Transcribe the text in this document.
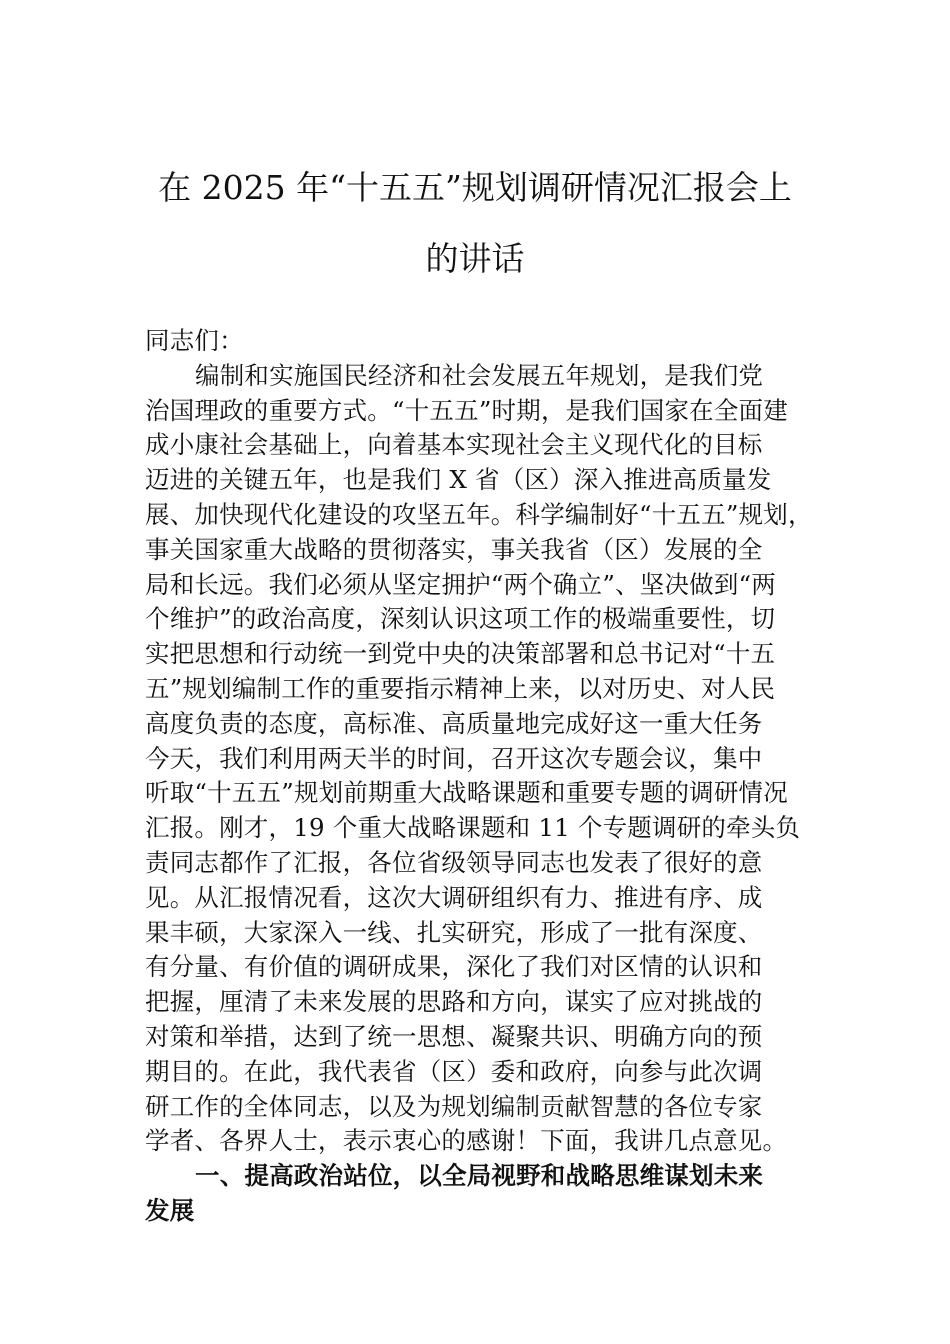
在 2025 年“十五五”规划调研情况汇报会上
的讲话
同志们：
编制和实施国民经济和社会发展五年规划，是我们党
治国理政的重要方式。“十五五”时期，是我们国家在全面建
成小康社会基础上，向着基本实现社会主义现代化的目标
迈进的关键五年，也是我们 X 省（区）深入推进高质量发
展、加快现代化建设的攻坚五年。科学编制好“十五五”规划，
事关国家重大战略的贯彻落实，事关我省（区）发展的全
局和长远。我们必须从坚定拥护“两个确立”、坚决做到“两
个维护”的政治高度，深刻认识这项工作的极端重要性，切
实把思想和行动统一到党中央的决策部署和总书记对“十五
五”规划编制工作的重要指示精神上来，以对历史、对人民
高度负责的态度，高标准、高质量地完成好这一重大任务
今天，我们利用两天半的时间，召开这次专题会议，集中
听取“十五五”规划前期重大战略课题和重要专题的调研情况
汇报。刚才，19 个重大战略课题和 11 个专题调研的牵头负
责同志都作了汇报，各位省级领导同志也发表了很好的意
见。从汇报情况看，这次大调研组织有力、推进有序、成
果丰硕，大家深入一线、扎实研究，形成了一批有深度、
有分量、有价值的调研成果，深化了我们对区情的认识和
把握，厘清了未来发展的思路和方向，谋实了应对挑战的
对策和举措，达到了统一思想、凝聚共识、明确方向的预
期目的。在此，我代表省（区）委和政府，向参与此次调
研工作的全体同志，以及为规划编制贡献智慧的各位专家
学者、各界人士，表示衷心的感谢！下面，我讲几点意见。
一、提高政治站位，以全局视野和战略思维谋划未来
发展
